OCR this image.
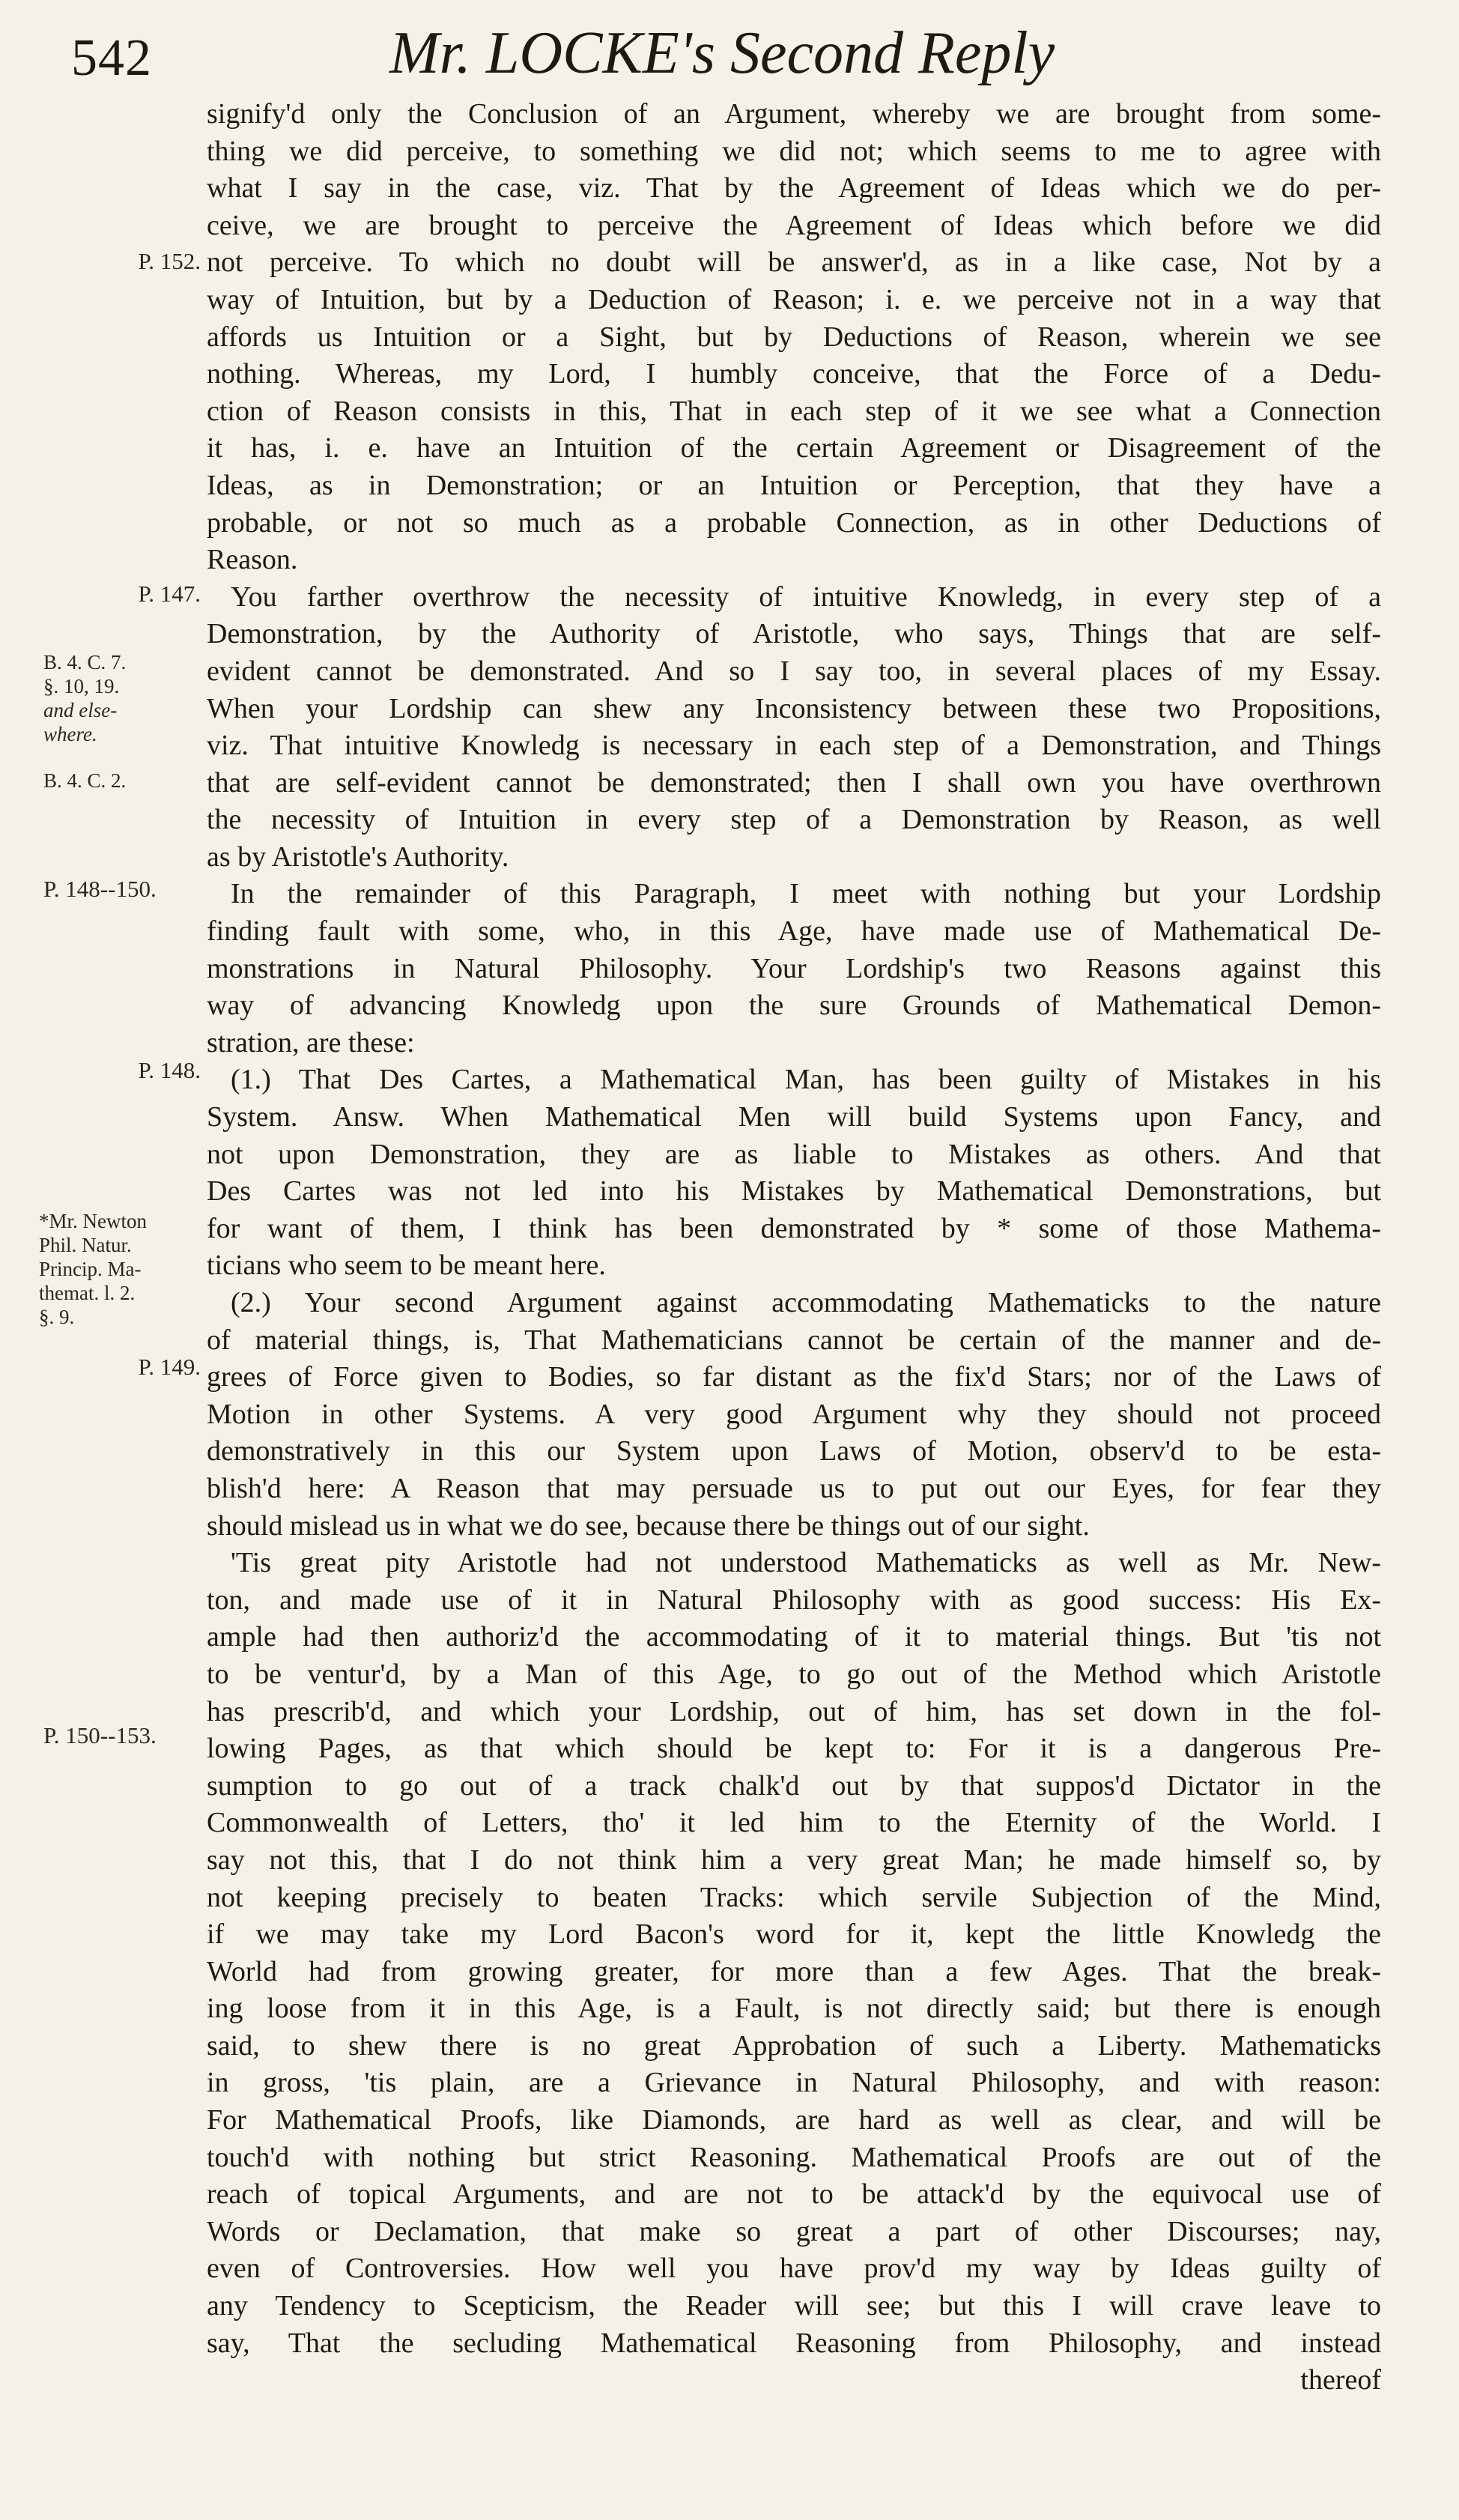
542	Mr. LOCKE's Second Reply
P. 152.
P. 147.
B. 4. C. 7.
§. 10, 19.
and else-
where.
B. 4. C. 2.
P. 148--150.
P. 148.
*Mr. Newton
Phil. Natur.
Princip. Ma-
themat. l. 2.
§. 9.
P. 149.
P. 150--153.
signify'd only the Conclusion of an Argument, whereby we are brought from some-
thing we did perceive, to something we did not; which seems to me to agree with
what I say in the case, viz. That by the Agreement of Ideas which we do per-
ceive, we are brought to perceive the Agreement of Ideas which before we did
not perceive. To which no doubt will be answer'd, as in a like case, Not by a
way of Intuition, but by a Deduction of Reason; i. e. we perceive not in a way that
affords us Intuition or a Sight, but by Deductions of Reason, wherein we see
nothing. Whereas, my Lord, I humbly conceive, that the Force of a Dedu-
ction of Reason consists in this, That in each step of it we see what a Connection
it has, i. e. have an Intuition of the certain Agreement or Disagreement of the
Ideas, as in Demonstration; or an Intuition or Perception, that they have a
probable, or not so much as a probable Connection, as in other Deductions of
Reason.
You farther overthrow the necessity of intuitive Knowledg, in every step of a
Demonstration, by the Authority of Aristotle, who says, Things that are self-
evident cannot be demonstrated. And so I say too, in several places of my Essay.
When your Lordship can shew any Inconsistency between these two Propositions,
viz. That intuitive Knowledg is necessary in each step of a Demonstration, and Things
that are self-evident cannot be demonstrated; then I shall own you have overthrown
the necessity of Intuition in every step of a Demonstration by Reason, as well
as by Aristotle's Authority.
In the remainder of this Paragraph, I meet with nothing but your Lordship
finding fault with some, who, in this Age, have made use of Mathematical De-
monstrations in Natural Philosophy. Your Lordship's two Reasons against this
way of advancing Knowledg upon the sure Grounds of Mathematical Demon-
stration, are these:
(1.) That Des Cartes, a Mathematical Man, has been guilty of Mistakes in his
System. Answ. When Mathematical Men will build Systems upon Fancy, and
not upon Demonstration, they are as liable to Mistakes as others. And that
Des Cartes was not led into his Mistakes by Mathematical Demonstrations, but
for want of them, I think has been demonstrated by * some of those Mathema-
ticians who seem to be meant here.
(2.) Your second Argument against accommodating Mathematicks to the nature
of material things, is, That Mathematicians cannot be certain of the manner and de-
grees of Force given to Bodies, so far distant as the fix'd Stars; nor of the Laws of
Motion in other Systems. A very good Argument why they should not proceed
demonstratively in this our System upon Laws of Motion, observ'd to be esta-
blish'd here: A Reason that may persuade us to put out our Eyes, for fear they
should mislead us in what we do see, because there be things out of our sight.
'Tis great pity Aristotle had not understood Mathematicks as well as Mr. New-
ton, and made use of it in Natural Philosophy with as good success: His Ex-
ample had then authoriz'd the accommodating of it to material things. But 'tis not
to be ventur'd, by a Man of this Age, to go out of the Method which Aristotle
has prescrib'd, and which your Lordship, out of him, has set down in the fol-
lowing Pages, as that which should be kept to: For it is a dangerous Pre-
sumption to go out of a track chalk'd out by that suppos'd Dictator in the
Commonwealth of Letters, tho' it led him to the Eternity of the World. I
say not this, that I do not think him a very great Man; he made himself so, by
not keeping precisely to beaten Tracks: which servile Subjection of the Mind,
if we may take my Lord Bacon's word for it, kept the little Knowledg the
World had from growing greater, for more than a few Ages. That the break-
ing loose from it in this Age, is a Fault, is not directly said; but there is enough
said, to shew there is no great Approbation of such a Liberty. Mathematicks
in gross, 'tis plain, are a Grievance in Natural Philosophy, and with reason:
For Mathematical Proofs, like Diamonds, are hard as well as clear, and will be
touch'd with nothing but strict Reasoning. Mathematical Proofs are out of the
reach of topical Arguments, and are not to be attack'd by the equivocal use of
Words or Declamation, that make so great a part of other Discourses; nay,
even of Controversies. How well you have prov'd my way by Ideas guilty of
any Tendency to Scepticism, the Reader will see; but this I will crave leave to
say, That the secluding Mathematical Reasoning from Philosophy, and instead
thereof
